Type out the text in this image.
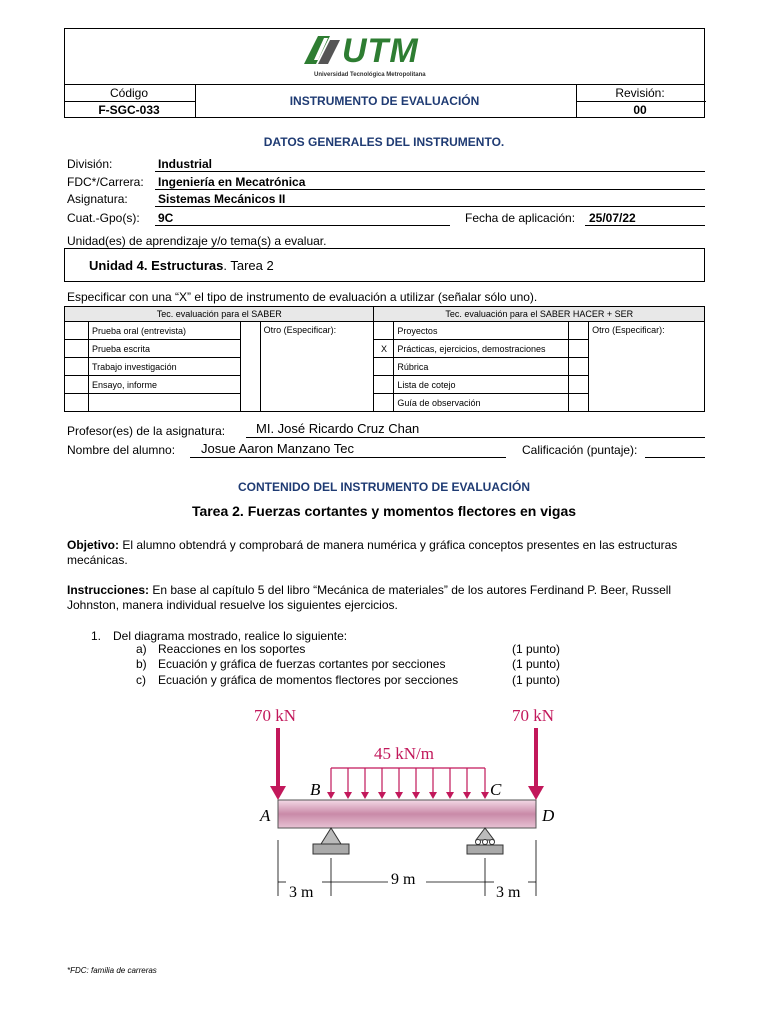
UTM
Universidad Tecnológica Metropolitana
Código
F-SGC-033
INSTRUMENTO DE EVALUACIÓN
Revisión:
00
DATOS GENERALES DEL INSTRUMENTO.
División:	Industrial
FDC*/Carrera: Ingeniería en Mecatrónica
Asignatura:	Sistemas Mecánicos II
Cuat.-Gpo(s): 9C	Fecha de aplicación: 25/07/22
Unidad(es) de aprendizaje y/o tema(s) a evaluar.
Unidad 4. Estructuras. Tarea 2
Especificar con una “X” el tipo de instrumento de evaluación a utilizar (señalar sólo uno).
Tec. evaluación para el SABER				Tec. evaluación para el SABER HACER + SER			
	Prueba oral (entrevista)		Otro (Especificar):		Proyectos		Otro (Especificar):
	Prueba escrita			X	Prácticas, ejercicios, demostraciones		
	Trabajo investigación				Rúbrica		
	Ensayo, informe				Lista de cotejo		
					Guía de observación		
Profesor(es) de la asignatura: MI. José Ricardo Cruz Chan
Nombre del alumno: Josue Aaron Manzano Tec	Calificación (puntaje):
CONTENIDO DEL INSTRUMENTO DE EVALUACIÓN
Tarea 2. Fuerzas cortantes y momentos flectores en vigas
Objetivo: El alumno obtendrá y comprobará de manera numérica y gráfica conceptos presentes en las estructuras mecánicas.
Instrucciones: En base al capítulo 5 del libro “Mecánica de materiales” de los autores Ferdinand P. Beer, Russell Johnston, manera individual resuelve los siguientes ejercicios.
1. Del diagrama mostrado, realice lo siguiente:
a) Reacciones en los soportes	(1 punto)
b) Ecuación y gráfica de fuerzas cortantes por secciones	(1 punto)
c) Ecuación y gráfica de momentos flectores por secciones	(1 punto)
70 kN	70 kN
45 kN/m
A
B	C
D
3 m
9 m
3 m
*FDC: familia de carreras
